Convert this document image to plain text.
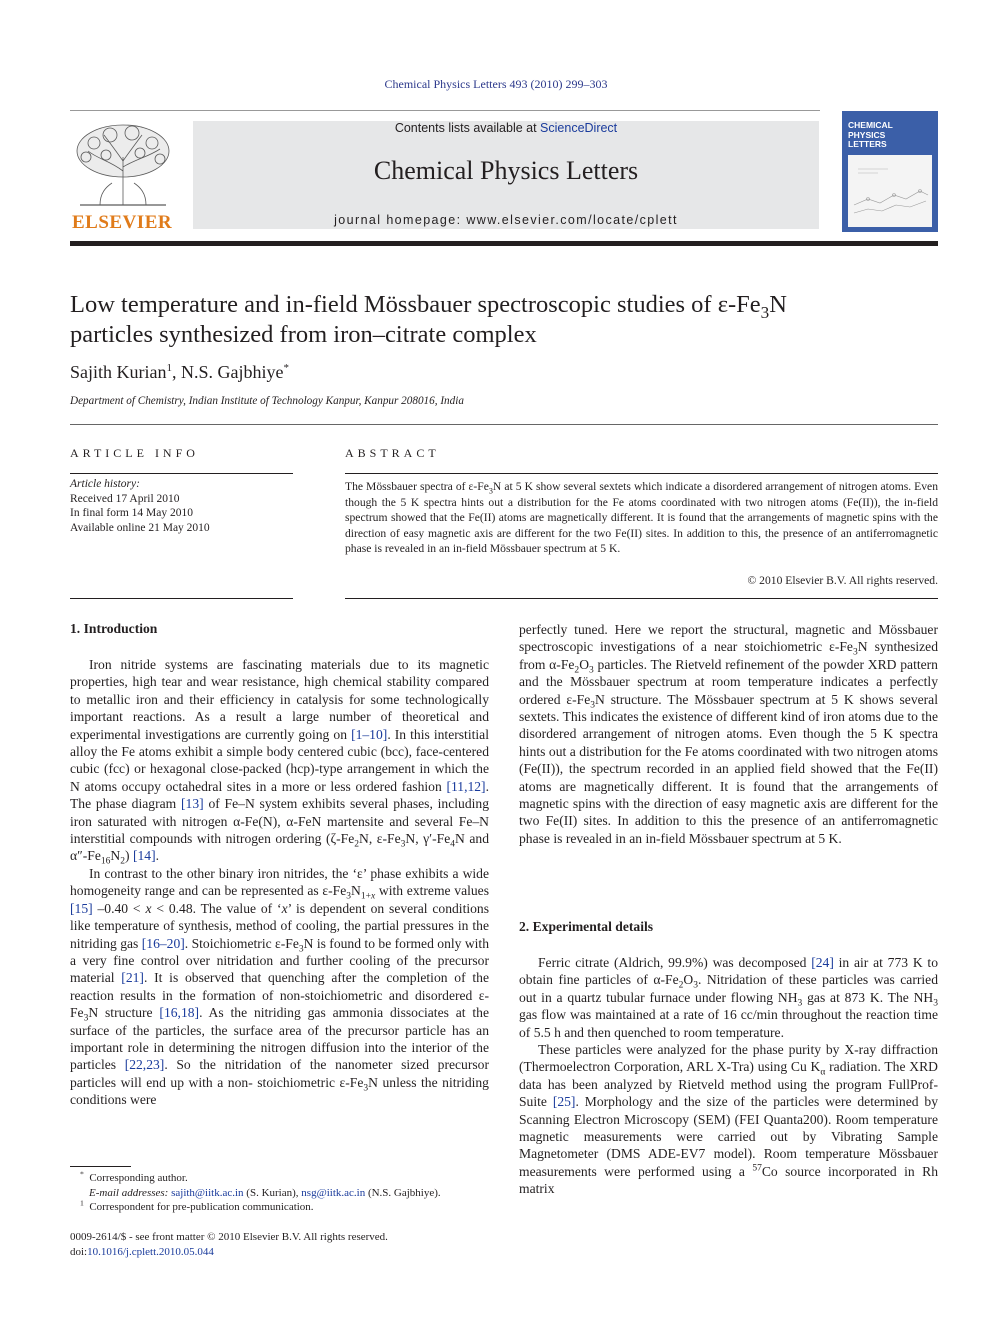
Chemical Physics Letters 493 (2010) 299–303
ELSEVIER
Contents lists available at ScienceDirect
Chemical Physics Letters
journal homepage: www.elsevier.com/locate/cplett
CHEMICAL
PHYSICS
LETTERS
Low temperature and in-field Mössbauer spectroscopic studies of $\varepsilon-Fe_3N$
particles synthesized from iron–citrate complex
Sajith Kurian$^1$, N.S. Gajbhiye*
Department of Chemistry, Indian Institute of Technology Kanpur, Kanpur 208016, India
ARTICLE INFO
Article history:
Received 17 April 2010
In final form 14 May 2010
Available online 21 May 2010
ABSTRACT
The Mössbauer spectra of $\varepsilon-Fe_3N$ at 5 K show several sextets which indicate a disordered arrangement of nitrogen atoms. Even though the 5 K spectra hints out a distribution for the Fe atoms coordinated with two nitrogen atoms (Fe(II)), the in-field spectrum showed that the Fe(II) atoms are magnetically different. It is found that the arrangements of magnetic spins with the direction of easy magnetic axis are different for the two Fe(II) sites. In addition to this, the presence of an antiferromagnetic phase is revealed in an in-field Mössbauer spectrum at 5 K.
© 2010 Elsevier B.V. All rights reserved.
1. Introduction

Iron nitride systems are fascinating materials due to its magnetic properties, high tear and wear resistance, high chemical stability compared to metallic iron and their efficiency in catalysis for some technologically important reactions. As a result a large number of theoretical and experimental investigations are currently going on [1–10]. In this interstitial alloy the Fe atoms exhibit a simple body centered cubic (bcc), face-centered cubic (fcc) or hexagonal close-packed (hcp)-type arrangement in which the N atoms occupy octahedral sites in a more or less ordered fashion [11,12]. The phase diagram [13] of Fe–N system exhibits several phases, including iron saturated with nitrogen α-Fe(N), α-FeN martensite and several Fe–N interstitial compounds with nitrogen ordering ($\zeta-Fe_2N$, $\varepsilon-Fe_3N$, $\gamma'-Fe_4N$ and $\alpha''-Fe_{16}N_2$) [14].

In contrast to the other binary iron nitrides, the ‘ε’ phase exhibits a wide homogeneity range and can be represented as $\varepsilon-Fe_3N_{1+x}$ with extreme values [15] –0.40 < x < 0.48. The value of ‘x’ is dependent on several conditions like temperature of synthesis, method of cooling, the partial pressures in the nitriding gas [16–20]. Stoichiometric $\varepsilon-Fe_3N$ is found to be formed only with a very fine control over nitridation and further cooling of the precursor material [21]. It is observed that quenching after the completion of the reaction results in the formation of non-stoichiometric and disordered $\varepsilon-Fe_3N$ structure [16,18]. As the nitriding gas ammonia dissociates at the surface of the particles, the surface area of the precursor particle has an important role in determining the nitrogen diffusion into the interior of the particles [22,23]. So the nitridation of the nanometer sized precursor particles will end up with a non- stoichiometric $\varepsilon-Fe_3N$ unless the nitriding conditions were

* Corresponding author.
E-mail addresses: sajith@iitk.ac.in (S. Kurian), nsg@iitk.ac.in (N.S. Gajbhiye).
$^1$ Correspondent for pre-publication communication.
0009-2614/$ - see front matter © 2010 Elsevier B.V. All rights reserved.
doi:10.1016/j.cplett.2010.05.044

perfectly tuned. Here we report the structural, magnetic and Mössbauer spectroscopic investigations of a near stoichiometric $\varepsilon-Fe_3N$ synthesized from $\alpha-Fe_2O_3$ particles. The Rietveld refinement of the powder XRD pattern and the Mössbauer spectrum at room temperature indicates a perfectly ordered $\varepsilon-Fe_3N$ structure. The Mössbauer spectrum at 5 K shows several sextets. This indicates the existence of different kind of iron atoms due to the disordered arrangement of nitrogen atoms. Even though the 5 K spectra hints out a distribution for the Fe atoms coordinated with two nitrogen atoms (Fe(II)), the spectrum recorded in an applied field showed that the Fe(II) atoms are magnetically different. It is found that the arrangements of magnetic spins with the direction of easy magnetic axis are different for the two Fe(II) sites. In addition to this the presence of an antiferromagnetic phase is revealed in an in-field Mössbauer spectrum at 5 K.

2. Experimental details

Ferric citrate (Aldrich, 99.9%) was decomposed [24] in air at 773 K to obtain fine particles of $\alpha-Fe_2O_3$. Nitridation of these particles was carried out in a quartz tubular furnace under flowing $NH_3$ gas at 873 K. The $NH_3$ gas flow was maintained at a rate of 16 cc/min throughout the reaction time of 5.5 h and then quenched to room temperature.

These particles were analyzed for the phase purity by X-ray diffraction (Thermoelectron Corporation, ARL X-Tra) using Cu $K_\alpha$ radiation. The XRD data has been analyzed by Rietveld method using the program FullProf-Suite [25]. Morphology and the size of the particles were determined by Scanning Electron Microscopy (SEM) (FEI Quanta200). Room temperature magnetic measurements were carried out by Vibrating Sample Magnetometer (DMS ADE-EV7 model). Room temperature Mössbauer measurements were performed using a $^{57}$Co source incorporated in Rh matrix
